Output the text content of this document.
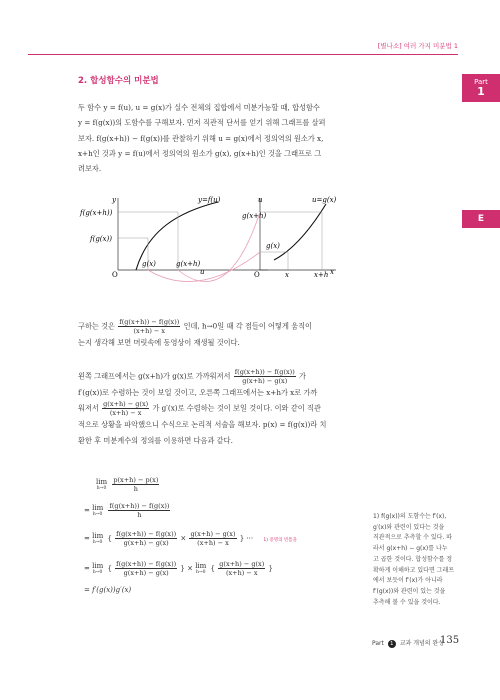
[별나소] 여러 가지 미분법 1
Part
1
E
2. 합성함수의 미분법
두 함수 y = f(u), u = g(x)가 실수 전체의 집합에서 미분가능할 때, 합성함수
y = f(g(x))의 도함수를 구해보자. 먼저 직관적 단서를 얻기 위해 그래프를 살펴
보자. f(g(x+h)) − f(g(x))를 관찰하기 위해 u = g(x)에서 정의역의 원소가 x,
x+h인 것과 y = f(u)에서 정의역의 원소가 g(x), g(x+h)인 것을 그래프로 그
려보자.
y	y=f(u)
f(g(x+h))
f(g(x))
O
g(x)	g(x+h)
u
u	u=g(x)
g(x+h)
g(x)
O	x	x+h x
구하는 것은 $\frac{f(g(x+h)) - f(g(x))}{(x+h) - x}$ 인데, h→0일 때 각 점들이 어떻게 움직이
는지 생각해 보면 머릿속에 동영상이 재생될 것이다.
왼쪽 그래프에서는 g(x+h)가 g(x)로 가까워져서 $\frac{f(g(x+h)) - f(g(x))}{g(x+h) - g(x)}$ 가
f′(g(x))로 수렴하는 것이 보일 것이고, 오른쪽 그래프에서는 x+h가 x로 가까
워져서 $\frac{g(x+h) - g(x)}{(x+h) - x}$ 가 g′(x)로 수렴하는 것이 보일 것이다. 이와 같이 직관
적으로 상황을 파악했으니 수식으로 논리적 서술을 해보자. p(x) = f(g(x))라 치
환한 후 미분계수의 정의를 이용하면 다음과 같다.
lim
h→0
$\frac{p(x+h) - p(x)}{h}$
= lim
h→0
$\frac{f(g(x+h)) - f(g(x))}{h}$
= lim
h→0 { $\frac{f(g(x+h)) - f(g(x))}{g(x+h) - g(x)} \times \frac{g(x+h) - g(x)}{(x+h) - x}$ } ··· 1) 증명의 빈틈을
= lim
h→0 { $\frac{f(g(x+h)) - f(g(x))}{g(x+h) - g(x)}$ } × lim
h→0 { $\frac{g(x+h) - g(x)}{(x+h) - x}$ }
= f′(g(x))g′(x)
1) f(g(x))의 도함수는 f′(x),
g′(x)와 관련이 있다는 것을
직관적으로 추측할 수 있다. 따
라서 g(x+h) − g(x)를 나누
고 곱한 것이다. 합성함수를 정
확하게 이해하고 있다면 그래프
에서 보듯이 f′(x)가 아니라
f′(g(x))와 관련이 있는 것을
추측해 볼 수 있을 것이다.
Part 1 교과 개념의 완성
135
